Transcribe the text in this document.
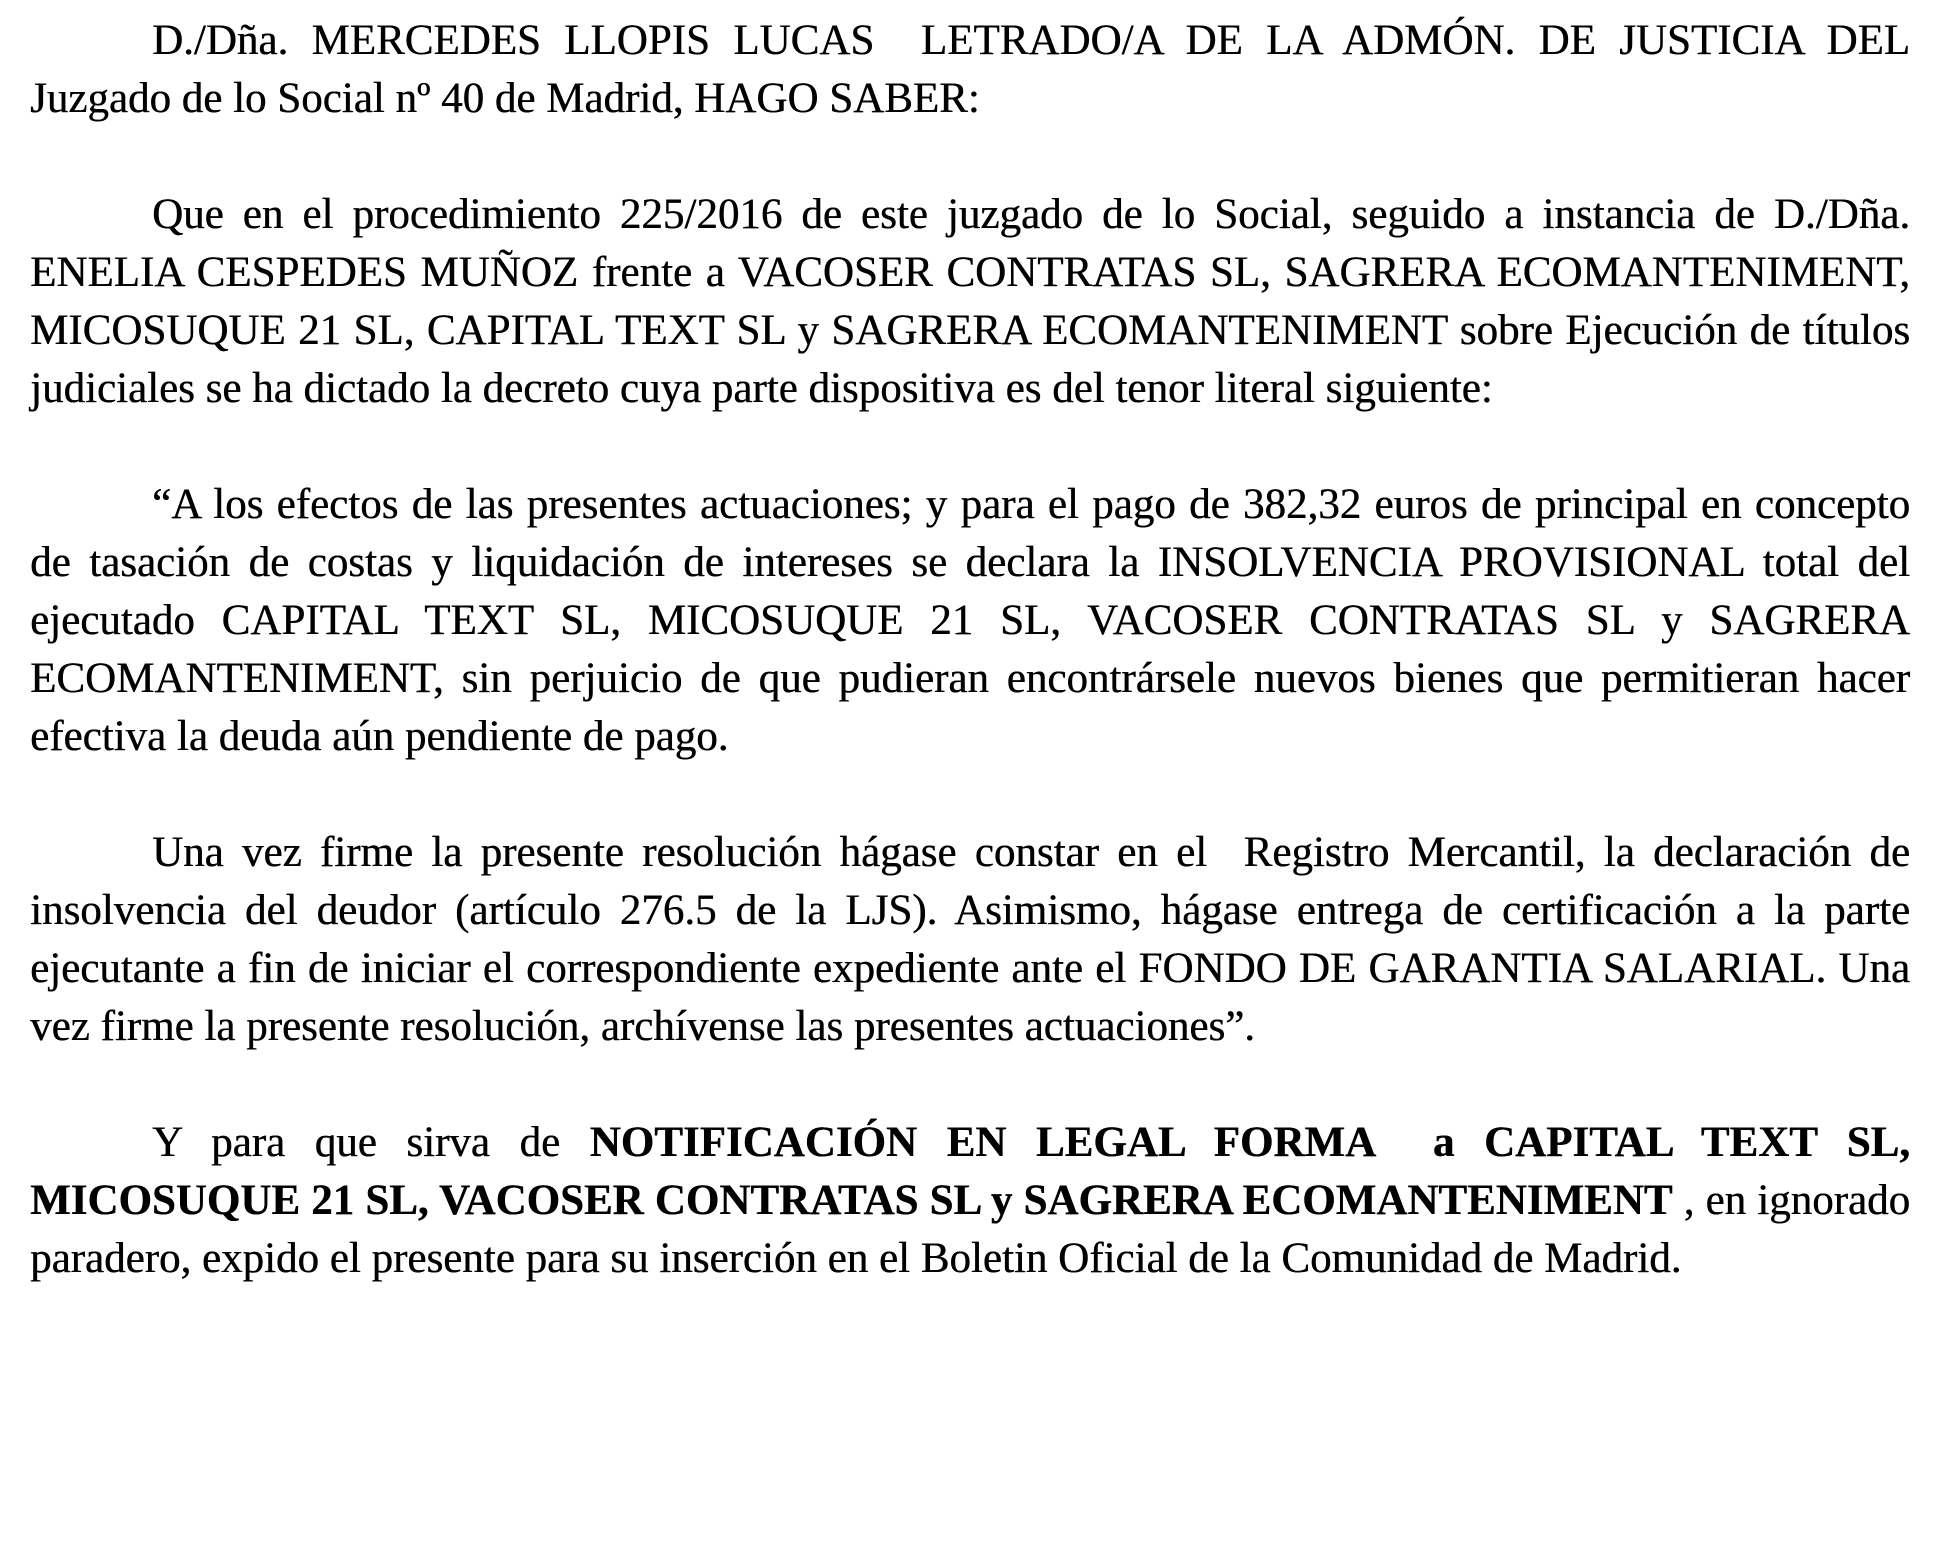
D./Dña. MERCEDES LLOPIS LUCAS  LETRADO/A DE LA ADMÓN. DE JUSTICIA DEL Juzgado de lo Social nº 40 de Madrid, HAGO SABER:

Que en el procedimiento 225/2016 de este juzgado de lo Social, seguido a instancia de D./Dña. ENELIA CESPEDES MUÑOZ frente a VACOSER CONTRATAS SL, SAGRERA ECOMANTENIMENT, MICOSUQUE 21 SL, CAPITAL TEXT SL y SAGRERA ECOMANTENIMENT sobre Ejecución de títulos judiciales se ha dictado la decreto cuya parte dispositiva es del tenor literal siguiente:

“A los efectos de las presentes actuaciones; y para el pago de 382,32 euros de principal en concepto de tasación de costas y liquidación de intereses se declara la INSOLVENCIA PROVISIONAL total del ejecutado CAPITAL TEXT SL, MICOSUQUE 21 SL, VACOSER CONTRATAS SL y SAGRERA ECOMANTENIMENT, sin perjuicio de que pudieran encontrársele nuevos bienes que permitieran hacer efectiva la deuda aún pendiente de pago.

Una vez firme la presente resolución hágase constar en el  Registro Mercantil, la declaración de insolvencia del deudor (artículo 276.5 de la LJS). Asimismo, hágase entrega de certificación a la parte ejecutante a fin de iniciar el correspondiente expediente ante el FONDO DE GARANTIA SALARIAL. Una vez firme la presente resolución, archívense las presentes actuaciones”.

Y para que sirva de NOTIFICACIÓN EN LEGAL FORMA  a CAPITAL TEXT SL, MICOSUQUE 21 SL, VACOSER CONTRATAS SL y SAGRERA ECOMANTENIMENT , en ignorado paradero, expido el presente para su inserción en el Boletin Oficial de la Comunidad de Madrid.
